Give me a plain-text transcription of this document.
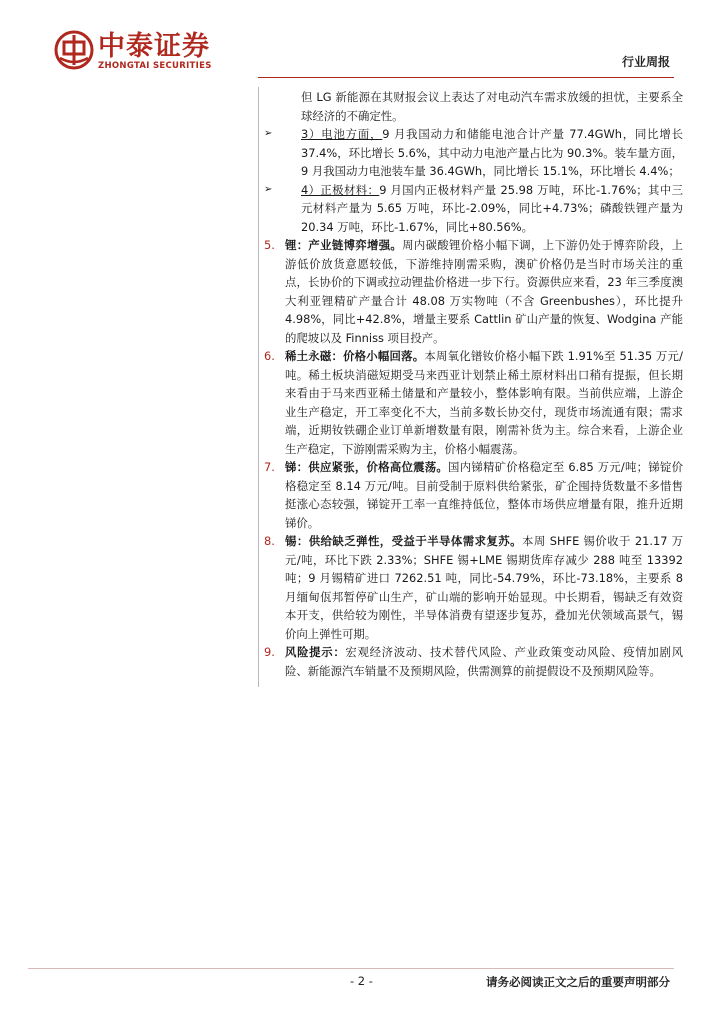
中泰证券
ZHONGTAI SECURITIES	行业周报
但 LG 新能源在其财报会议上表达了对电动汽车需求放缓的担忧，主要系全球经济的不确定性。
➢	3）电池方面，9 月我国动力和储能电池合计产量 77.4GWh，同比增长 37.4%，环比增长 5.6%，其中动力电池产量占比为 90.3%。装车量方面，9 月我国动力电池装车量 36.4GWh，同比增长 15.1%，环比增长 4.4%；
➢	4）正极材料：9 月国内正极材料产量 25.98 万吨，环比-1.76%；其中三元材料产量为 5.65 万吨，环比-2.09%，同比+4.73%；磷酸铁锂产量为 20.34 万吨，环比-1.67%，同比+80.56%。
5. 锂：产业链博弈增强。周内碳酸锂价格小幅下调，上下游仍处于博弈阶段，上游低价放货意愿较低，下游维持刚需采购，澳矿价格仍是当时市场关注的重点，长协价的下调或拉动锂盐价格进一步下行。资源供应来看，23 年三季度澳大利亚锂精矿产量合计 48.08 万实物吨（不含 Greenbushes），环比提升 4.98%，同比+42.8%，增量主要系 Cattlin 矿山产量的恢复、Wodgina 产能的爬坡以及 Finniss 项目投产。
6. 稀土永磁：价格小幅回落。本周氧化镨钕价格小幅下跌 1.91%至 51.35 万元/吨。稀土板块消磁短期受马来西亚计划禁止稀土原材料出口稍有提振，但长期来看由于马来西亚稀土储量和产量较小，整体影响有限。当前供应端，上游企业生产稳定，开工率变化不大，当前多数长协交付，现货市场流通有限；需求端，近期钕铁硼企业订单新增数量有限，刚需补货为主。综合来看，上游企业生产稳定，下游刚需采购为主，价格小幅震荡。
7. 锑：供应紧张，价格高位震荡。国内锑精矿价格稳定至 6.85 万元/吨；锑锭价格稳定至 8.14 万元/吨。目前受制于原料供给紧张，矿企囤持货数量不多惜售挺涨心态较强，锑锭开工率一直维持低位，整体市场供应增量有限，推升近期锑价。
8. 锡：供给缺乏弹性，受益于半导体需求复苏。本周 SHFE 锡价收于 21.17 万元/吨，环比下跌 2.33%；SHFE 锡+LME 锡期货库存减少 288 吨至 13392 吨；9 月锡精矿进口 7262.51 吨，同比-54.79%，环比-73.18%，主要系 8 月缅甸佤邦暂停矿山生产，矿山端的影响开始显现。中长期看，锡缺乏有效资本开支，供给较为刚性，半导体消费有望逐步复苏，叠加光伏领域高景气，锡价向上弹性可期。
9. 风险提示：宏观经济波动、技术替代风险、产业政策变动风险、疫情加剧风险、新能源汽车销量不及预期风险，供需测算的前提假设不及预期风险等。
- 2 -	请务必阅读正文之后的重要声明部分
